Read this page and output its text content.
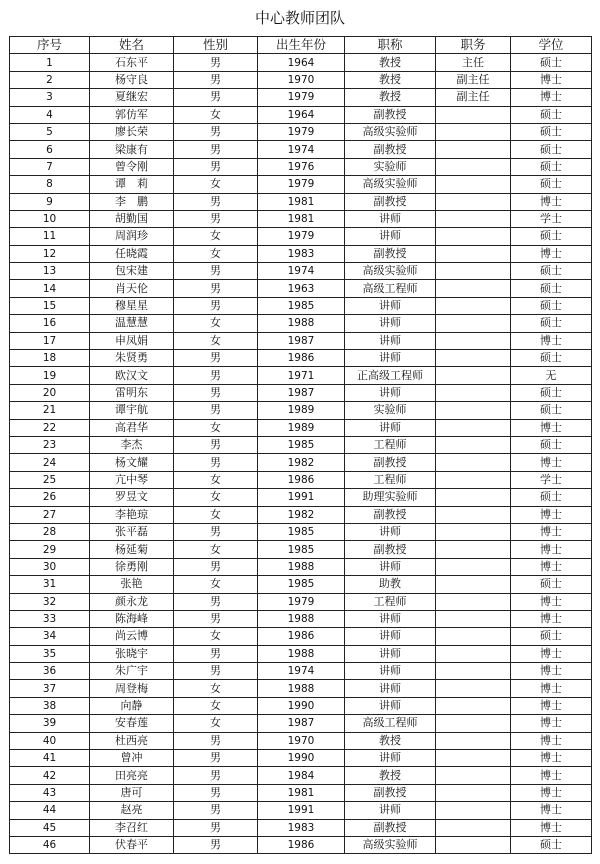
中心教师团队
序号	姓名	性别	出生年份	职称	职务	学位
1	石东平	男	1964	教授	主任	硕士
2	杨守良	男	1970	教授	副主任	博士
3	夏继宏	男	1979	教授	副主任	博士
4	郭仿军	女	1964	副教授		硕士
5	廖长荣	男	1979	高级实验师		硕士
6	梁康有	男	1974	副教授		硕士
7	曾令刚	男	1976	实验师		硕士
8	谭　莉	女	1979	高级实验师		硕士
9	李　鹏	男	1981	副教授		博士
10	胡勤国	男	1981	讲师		学士
11	周润珍	女	1979	讲师		硕士
12	任晓霞	女	1983	副教授		博士
13	包宋建	男	1974	高级实验师		硕士
14	肖天伦	男	1963	高级工程师		硕士
15	穆星星	男	1985	讲师		硕士
16	温慧慧	女	1988	讲师		硕士
17	申凤娟	女	1987	讲师		博士
18	朱贤勇	男	1986	讲师		硕士
19	欧汉文	男	1971	正高级工程师		无
20	雷明东	男	1987	讲师		硕士
21	谭宇航	男	1989	实验师		硕士
22	高君华	女	1989	讲师		博士
23	李杰	男	1985	工程师		硕士
24	杨文耀	男	1982	副教授		博士
25	亢中琴	女	1986	工程师		学士
26	罗昱文	女	1991	助理实验师		硕士
27	李艳琼	女	1982	副教授		博士
28	张平磊	男	1985	讲师		博士
29	杨延菊	女	1985	副教授		博士
30	徐勇刚	男	1988	讲师		博士
31	张艳	女	1985	助教		硕士
32	颜永龙	男	1979	工程师		博士
33	陈海峰	男	1988	讲师		博士
34	尚云博	女	1986	讲师		硕士
35	张晓宇	男	1988	讲师		博士
36	朱广宇	男	1974	讲师		博士
37	周登梅	女	1988	讲师		博士
38	向静	女	1990	讲师		博士
39	安春莲	女	1987	高级工程师		博士
40	杜西亮	男	1970	教授		博士
41	曾冲	男	1990	讲师		博士
42	田亮亮	男	1984	教授		博士
43	唐可	男	1981	副教授		博士
44	赵亮	男	1991	讲师		博士
45	李召红	男	1983	副教授		博士
46	伏春平	男	1986	高级实验师		硕士
